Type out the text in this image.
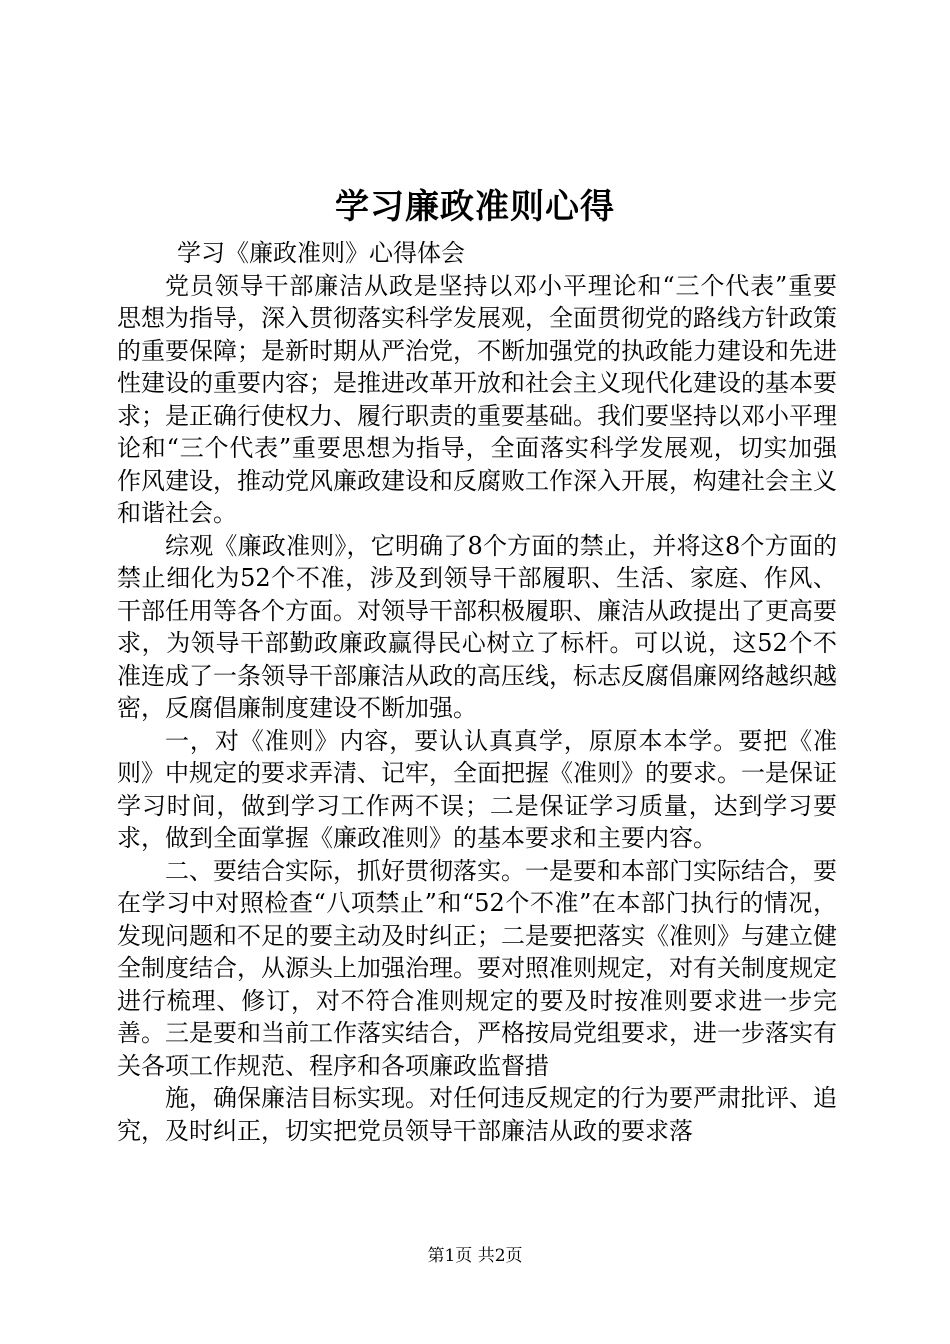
学习廉政准则心得

学习《廉政准则》心得体会

党员领导干部廉洁从政是坚持以邓小平理论和“三个代表”重要思想为指导，深入贯彻落实科学发展观，全面贯彻党的路线方针政策的重要保障；是新时期从严治党，不断加强党的执政能力建设和先进性建设的重要内容；是推进改革开放和社会主义现代化建设的基本要求；是正确行使权力、履行职责的重要基础。我们要坚持以邓小平理论和“三个代表”重要思想为指导，全面落实科学发展观，切实加强作风建设，推动党风廉政建设和反腐败工作深入开展，构建社会主义和谐社会。

综观《廉政准则》，它明确了8个方面的禁止，并将这8个方面的禁止细化为52个不准，涉及到领导干部履职、生活、家庭、作风、干部任用等各个方面。对领导干部积极履职、廉洁从政提出了更高要求，为领导干部勤政廉政赢得民心树立了标杆。可以说，这52个不准连成了一条领导干部廉洁从政的高压线，标志反腐倡廉网络越织越密，反腐倡廉制度建设不断加强。

一，对《准则》内容，要认认真真学，原原本本学。要把《准则》中规定的要求弄清、记牢，全面把握《准则》的要求。一是保证学习时间，做到学习工作两不误；二是保证学习质量，达到学习要求，做到全面掌握《廉政准则》的基本要求和主要内容。

二、要结合实际，抓好贯彻落实。一是要和本部门实际结合，要在学习中对照检查“八项禁止”和“52个不准”在本部门执行的情况，发现问题和不足的要主动及时纠正；二是要把落实《准则》与建立健全制度结合，从源头上加强治理。要对照准则规定，对有关制度规定进行梳理、修订，对不符合准则规定的要及时按准则要求进一步完善。三是要和当前工作落实结合，严格按局党组要求，进一步落实有关各项工作规范、程序和各项廉政监督措

施，确保廉洁目标实现。对任何违反规定的行为要严肃批评、追究，及时纠正，切实把党员领导干部廉洁从政的要求落

第1页 共2页
